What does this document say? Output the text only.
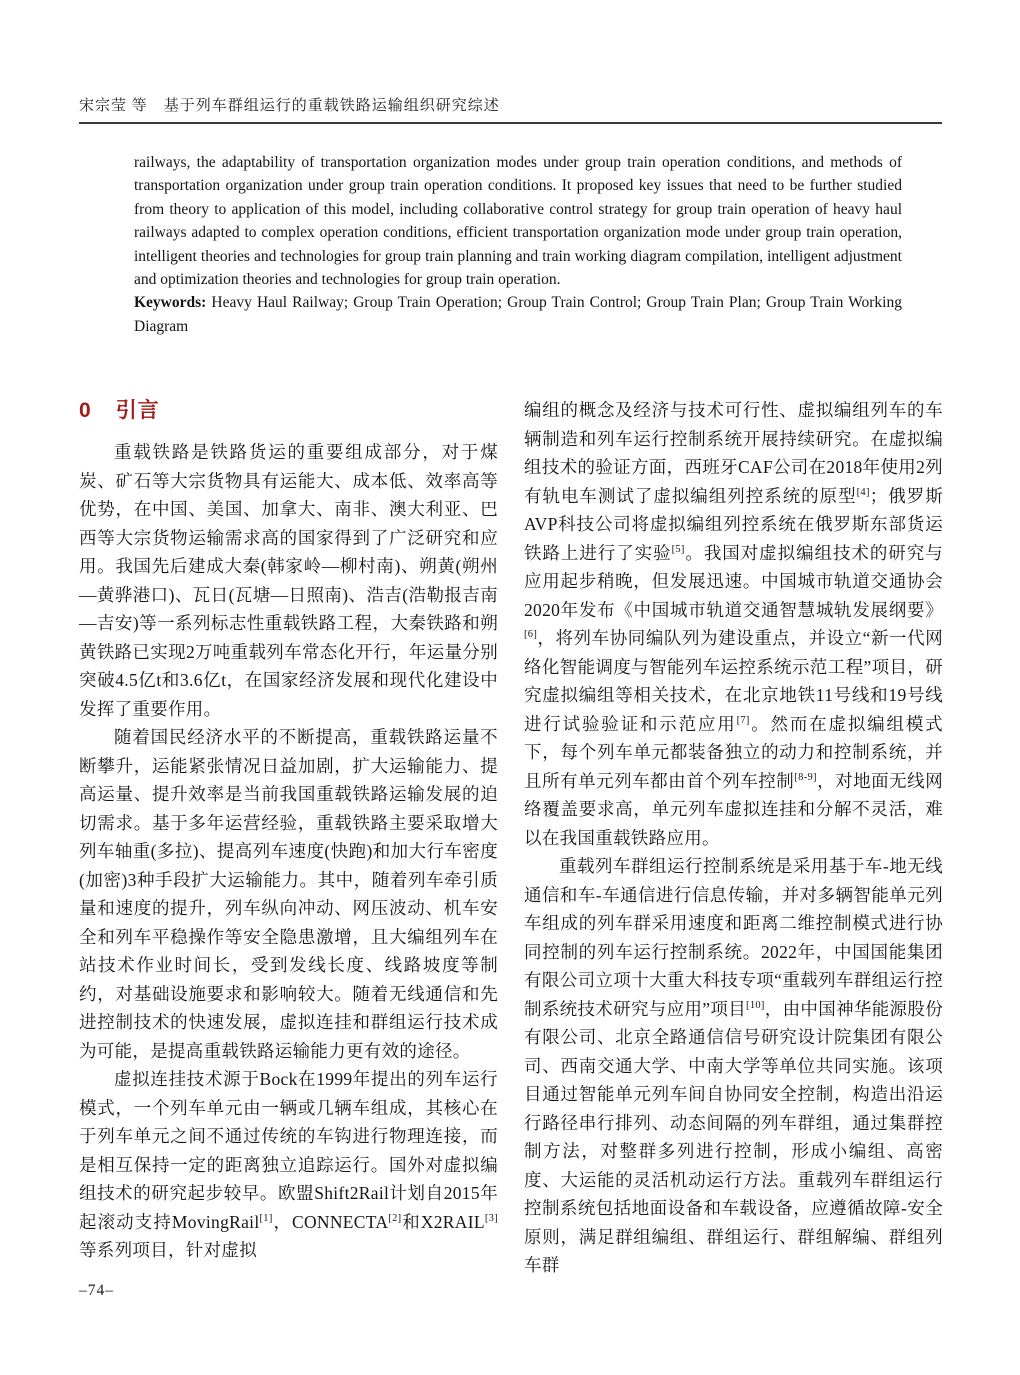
宋宗莹 等　基于列车群组运行的重载铁路运输组织研究综述

railways, the adaptability of transportation organization modes under group train operation conditions, and methods of transportation organization under group train operation conditions. It proposed key issues that need to be further studied from theory to application of this model, including collaborative control strategy for group train operation of heavy haul railways adapted to complex operation conditions, efficient transportation organization mode under group train operation, intelligent theories and technologies for group train planning and train working diagram compilation, intelligent adjustment and optimization theories and technologies for group train operation.

Keywords: Heavy Haul Railway; Group Train Operation; Group Train Control; Group Train Plan; Group Train Working Diagram

0 引言

重载铁路是铁路货运的重要组成部分，对于煤炭、矿石等大宗货物具有运能大、成本低、效率高等优势，在中国、美国、加拿大、南非、澳大利亚、巴西等大宗货物运输需求高的国家得到了广泛研究和应用。我国先后建成大秦(韩家岭—柳村南)、朔黄(朔州—黄骅港口)、瓦日(瓦塘—日照南)、浩吉(浩勒报吉南—吉安)等一系列标志性重载铁路工程，大秦铁路和朔黄铁路已实现2万吨重载列车常态化开行，年运量分别突破4.5亿t和3.6亿t，在国家经济发展和现代化建设中发挥了重要作用。

随着国民经济水平的不断提高，重载铁路运量不断攀升，运能紧张情况日益加剧，扩大运输能力、提高运量、提升效率是当前我国重载铁路运输发展的迫切需求。基于多年运营经验，重载铁路主要采取增大列车轴重(多拉)、提高列车速度(快跑)和加大行车密度(加密)3种手段扩大运输能力。其中，随着列车牵引质量和速度的提升，列车纵向冲动、网压波动、机车安全和列车平稳操作等安全隐患激增，且大编组列车在站技术作业时间长，受到发线长度、线路坡度等制约，对基础设施要求和影响较大。随着无线通信和先进控制技术的快速发展，虚拟连挂和群组运行技术成为可能，是提高重载铁路运输能力更有效的途径。

虚拟连挂技术源于Bock在1999年提出的列车运行模式，一个列车单元由一辆或几辆车组成，其核心在于列车单元之间不通过传统的车钩进行物理连接，而是相互保持一定的距离独立追踪运行。国外对虚拟编组技术的研究起步较早。欧盟Shift2Rail计划自2015年起滚动支持MovingRail[1]，CONNECTA[2]和X2RAIL[3]等系列项目，针对虚拟

编组的概念及经济与技术可行性、虚拟编组列车的车辆制造和列车运行控制系统开展持续研究。在虚拟编组技术的验证方面，西班牙CAF公司在2018年使用2列有轨电车测试了虚拟编组列控系统的原型[4]；俄罗斯AVP科技公司将虚拟编组列控系统在俄罗斯东部货运铁路上进行了实验[5]。我国对虚拟编组技术的研究与应用起步稍晚，但发展迅速。中国城市轨道交通协会2020年发布《中国城市轨道交通智慧城轨发展纲要》[6]，将列车协同编队列为建设重点，并设立“新一代网络化智能调度与智能列车运控系统示范工程”项目，研究虚拟编组等相关技术，在北京地铁11号线和19号线进行试验验证和示范应用[7]。然而在虚拟编组模式下，每个列车单元都装备独立的动力和控制系统，并且所有单元列车都由首个列车控制[8-9]，对地面无线网络覆盖要求高，单元列车虚拟连挂和分解不灵活，难以在我国重载铁路应用。

重载列车群组运行控制系统是采用基于车-地无线通信和车-车通信进行信息传输，并对多辆智能单元列车组成的列车群采用速度和距离二维控制模式进行协同控制的列车运行控制系统。2022年，中国国能集团有限公司立项十大重大科技专项“重载列车群组运行控制系统技术研究与应用”项目[10]，由中国神华能源股份有限公司、北京全路通信信号研究设计院集团有限公司、西南交通大学、中南大学等单位共同实施。该项目通过智能单元列车间自协同安全控制，构造出沿运行路径串行排列、动态间隔的列车群组，通过集群控制方法，对整群多列进行控制，形成小编组、高密度、大运能的灵活机动运行方法。重载列车群组运行控制系统包括地面设备和车载设备，应遵循故障-安全原则，满足群组编组、群组运行、群组解编、群组列车群

–74–
